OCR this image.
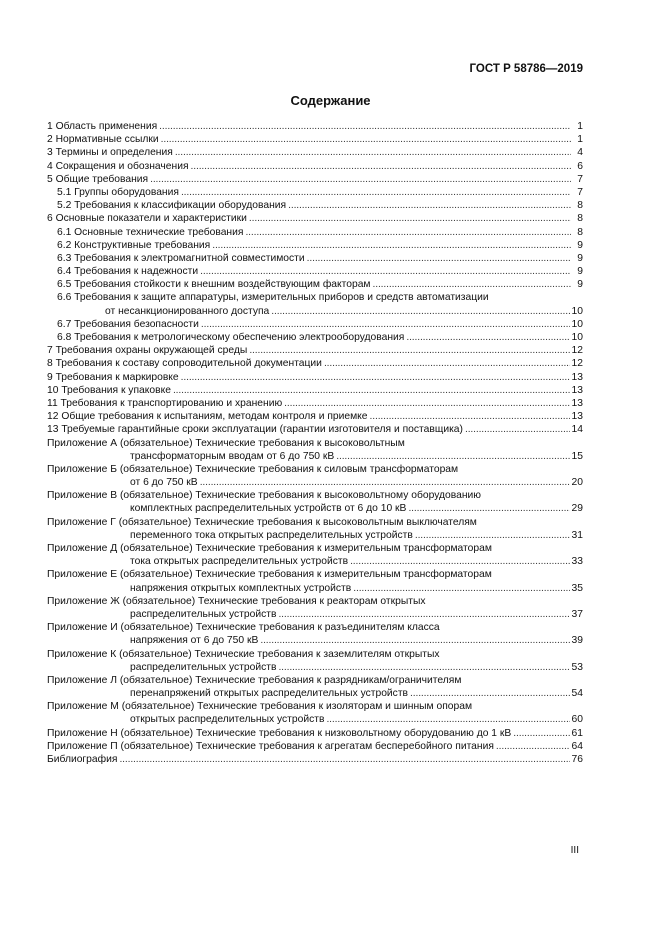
ГОСТ Р 58786—2019
Содержание
1 Область применения . . .	1
2 Нормативные ссылки . . .	1
3 Термины и определения . . .	4
4 Сокращения и обозначения . . .	6
5 Общие требования . . .	7
5.1 Группы оборудования . . .	7
5.2 Требования к классификации оборудования . . .	8
6 Основные показатели и характеристики . . .	8
6.1 Основные технические требования . . .	8
6.2 Конструктивные требования . . .	9
6.3 Требования к электромагнитной совместимости . . .	9
6.4 Требования к надежности . . .	9
6.5 Требования стойкости к внешним воздействующим факторам . . .	9
6.6 Требования к защите аппаратуры, измерительных приборов и средств автоматизации
от несанкционированного доступа . . .	10
6.7 Требования безопасности . . .	10
6.8 Требования к метрологическому обеспечению электрооборудования . . .	10
7 Требования охраны окружающей среды . . .	12
8 Требования к составу сопроводительной документации . . .	12
9 Требования к маркировке . . .	13
10 Требования к упаковке . . .	13
11 Требования к транспортированию и хранению . . .	13
12 Общие требования к испытаниям, методам контроля и приемке . . .	13
13 Требуемые гарантийные сроки эксплуатации (гарантии изготовителя и поставщика) . . .	14
Приложение А (обязательное) Технические требования к высоковольтным
трансформаторным вводам от 6 до 750 кВ . . .	15
Приложение Б (обязательное) Технические требования к силовым трансформаторам
от 6 до 750 кВ . . .	20
Приложение В (обязательное) Технические требования к высоковольтному оборудованию
комплектных распределительных устройств от 6 до 10 кВ . . .	29
Приложение Г (обязательное) Технические требования к высоковольтным выключателям
переменного тока открытых распределительных устройств . . .	31
Приложение Д (обязательное) Технические требования к измерительным трансформаторам
тока открытых распределительных устройств . . .	33
Приложение Е (обязательное) Технические требования к измерительным трансформаторам
напряжения открытых комплектных устройств . . .	35
Приложение Ж (обязательное) Технические требования к реакторам открытых
распределительных устройств . . .	37
Приложение И (обязательное) Технические требования к разъединителям класса
напряжения от 6 до 750 кВ . . .	39
Приложение К (обязательное) Технические требования к заземлителям открытых
распределительных устройств . . .	53
Приложение Л (обязательное) Технические требования к разрядникам/ограничителям
перенапряжений открытых распределительных устройств . . .	54
Приложение М (обязательное) Технические требования к изоляторам и шинным опорам
открытых распределительных устройств . . .	60
Приложение Н (обязательное) Технические требования к низковольтному оборудованию до 1 кВ . . .	61
Приложение П (обязательное) Технические требования к агрегатам бесперебойного питания . . .	64
Библиография . . .	76
III
